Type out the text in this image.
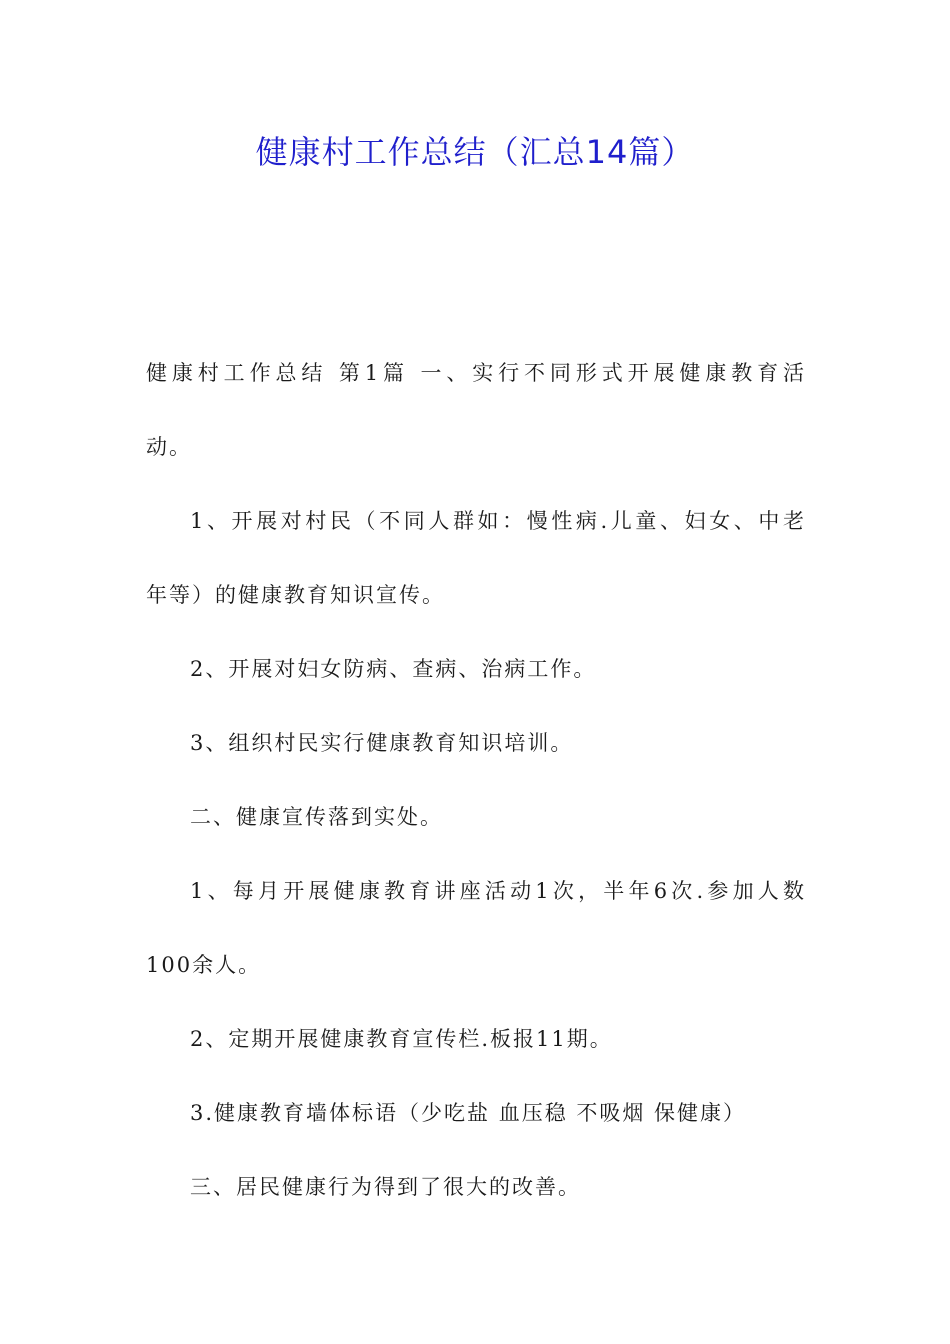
健康村工作总结（汇总14篇）
健康村工作总结 第1篇 一、实行不同形式开展健康教育活
动。
1、开展对村民（不同人群如：慢性病.儿童、妇女、中老
年等）的健康教育知识宣传。
2、开展对妇女防病、查病、治病工作。
3、组织村民实行健康教育知识培训。
二、健康宣传落到实处。
1、每月开展健康教育讲座活动1次，半年6次.参加人数
100余人。
2、定期开展健康教育宣传栏.板报11期。
3.健康教育墙体标语（少吃盐 血压稳 不吸烟 保健康）
三、居民健康行为得到了很大的改善。
